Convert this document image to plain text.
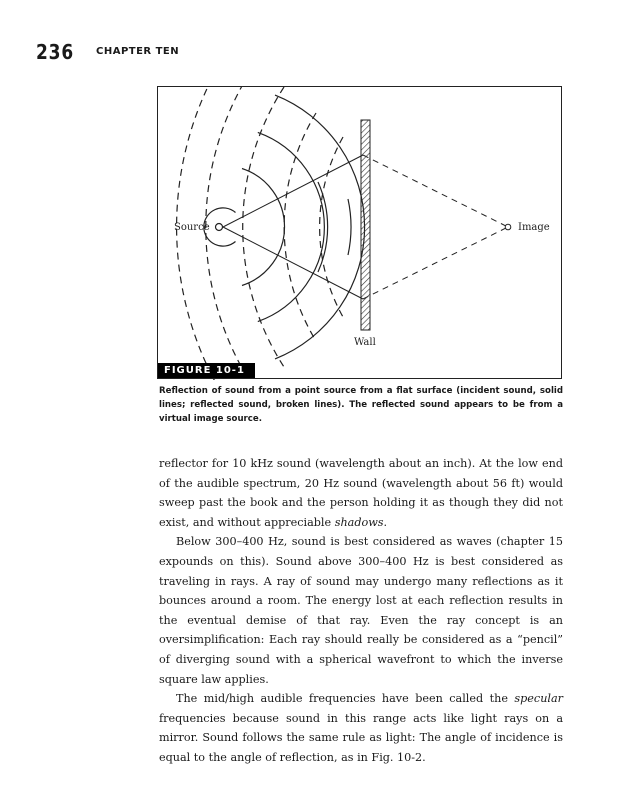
236 CHAPTER TEN
Source	Image
Wall
FIGURE 10-1

Reflection of sound from a point source from a flat surface (incident sound, solid lines; reflected sound, broken lines). The reflected sound appears to be from a virtual image source.

reflector for 10 kHz sound (wavelength about an inch). At the low end of the audible spectrum, 20 Hz sound (wavelength about 56 ft) would sweep past the book and the person holding it as though they did not exist, and without appreciable shadows.

Below 300–400 Hz, sound is best considered as waves (chapter 15 expounds on this). Sound above 300–400 Hz is best considered as traveling in rays. A ray of sound may undergo many reflections as it bounces around a room. The energy lost at each reflection results in the eventual demise of that ray. Even the ray concept is an oversimplification: Each ray should really be considered as a “pencil” of diverging sound with a spherical wavefront to which the inverse square law applies.

The mid/high audible frequencies have been called the specular frequencies because sound in this range acts like light rays on a mirror. Sound follows the same rule as light: The angle of incidence is equal to the angle of reflection, as in Fig. 10-2.
